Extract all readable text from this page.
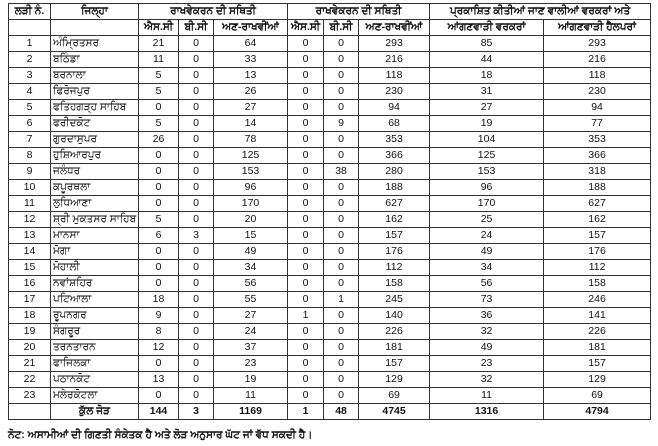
ਲੜੀ ਨੰ.	ਜਿਲ੍ਹਾ	ਰਾਖਵੇਕਰਨ ਦੀ ਸਥਿਤੀ			ਰਾਖਵੇਕਰਨ ਦੀ ਸਥਿਤੀ			ਪ੍ਰਕਾਸ਼ਿਤ ਕੀਤੀਆਂ ਜਾਣ ਵਾਲੀਆਂ ਵਰਕਰਾਂ ਅਤੇ	
		ਐਸ.ਸੀ	ਬੀ.ਸੀ	ਅਣ-ਰਾਖਵੀਂਆਂ	ਐਸ.ਸੀ	ਬੀ.ਸੀ	ਅਣ-ਰਾਖਵੀਂਆਂ	ਆਂਗਣਵਾੜੀ ਵਰਕਰਾਂ	ਆਂਗਣਵਾੜੀ ਹੈਲਪਰਾਂ
1	ਅੰਮ੍ਰਿਤਸਰ	21	0	64	0	0	293	85	293
2	ਬਠਿੰਡਾ	11	0	33	0	0	216	44	216
3	ਬਰਨਾਲਾ	5	0	13	0	0	118	18	118
4	ਫਿਰੋਜਪੁਰ	5	0	26	0	0	230	31	230
5	ਫਤਿਹਗੜ੍ਹ ਸਾਹਿਬ	0	0	27	0	0	94	27	94
6	ਫਰੀਦਕੋਟ	5	0	14	0	9	68	19	77
7	ਗੁਰਦਾਸੁਪਰ	26	0	78	0	0	353	104	353
8	ਹੁਸ਼ਿਆਰਪੁਰ	0	0	125	0	0	366	125	366
9	ਜਲੰਧਰ	0	0	153	0	38	280	153	318
10	ਕਪੂਰਥਲਾ	0	0	96	0	0	188	96	188
11	ਲੁਧਿਆਣਾ	0	0	170	0	0	627	170	627
12	ਸ਼੍ਰੀ ਮੁਕਤਸਰ ਸਾਹਿਬ	5	0	20	0	0	162	25	162
13	ਮਾਨਸਾ	6	3	15	0	0	157	24	157
14	ਮੋਗਾ	0	0	49	0	0	176	49	176
15	ਮੋਹਾਲੀ	0	0	34	0	0	112	34	112
16	ਨਵਾਂਸ਼ਹਿਰ	0	0	56	0	0	158	56	158
17	ਪਟਿਆਲਾ	18	0	55	0	1	245	73	246
18	ਰੂਪਨਗਰ	9	0	27	1	0	140	36	141
19	ਸੰਗਰੂਰ	8	0	24	0	0	226	32	226
20	ਤਰਨਤਾਰਨ	12	0	37	0	0	181	49	181
21	ਫਾਜਿਲਕਾ	0	0	23	0	0	157	23	157
22	ਪਠਾਨਕੋਟ	13	0	19	0	0	129	32	129
23	ਮਲੇਰਕੋਟਲਾ	0	0	11	0	0	69	11	69
	ਕੁੱਲ ਜੋੜ	144	3	1169	1	48	4745	1316	4794
ਨੋਟ: ਅਸਾਮੀਆਂ ਦੀ ਗਿਣਤੀ ਸੰਕੇਤਕ ਹੈ ਅਤੇ ਲੋੜ ਅਨੁਸਾਰ ਘੱਟ ਜਾਂ ਵੱਧ ਸਕਦੀ ਹੈ।
